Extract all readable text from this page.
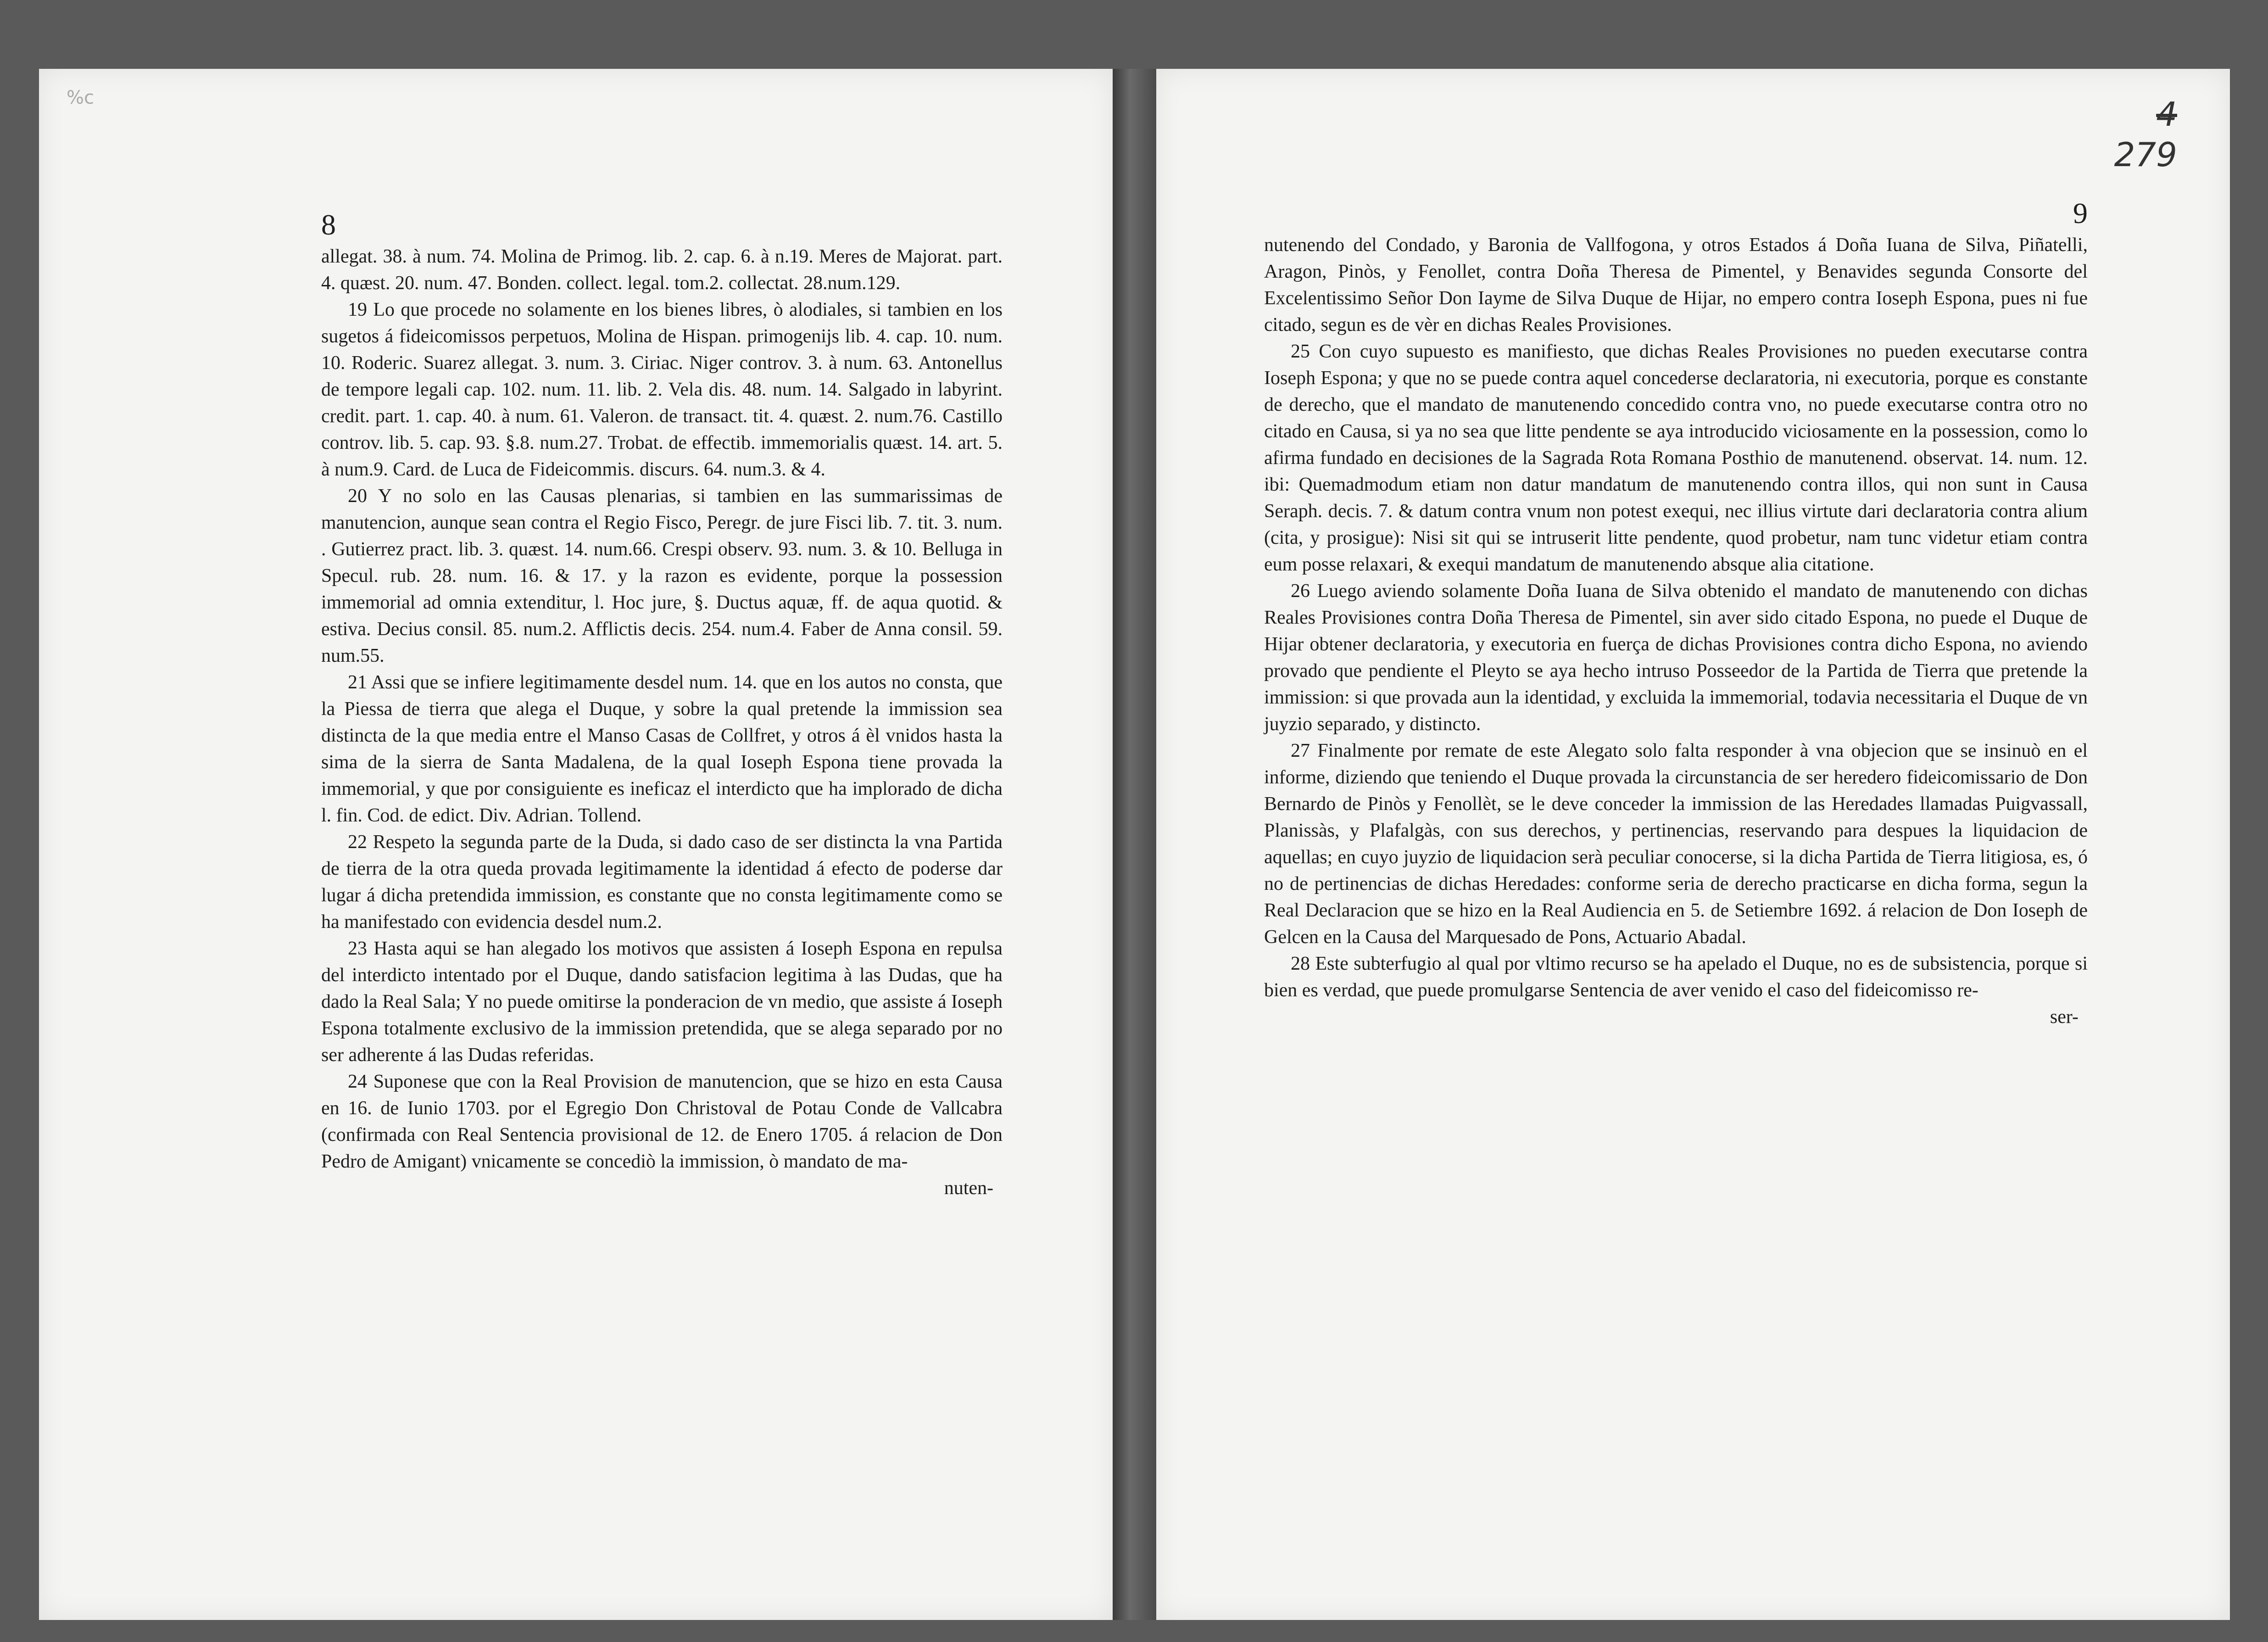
%c
8

allegat. 38. à num. 74. Molina de Primog. lib. 2. cap. 6. à n.19. Meres de Majorat. part. 4. quæst. 20. num. 47. Bonden. collect. legal. tom.2. collectat. 28.num.129.

19 Lo que procede no solamente en los bienes libres, ò alodiales, si tambien en los sugetos á fideicomissos perpetuos, Molina de Hispan. primogenijs lib. 4. cap. 10. num. 10. Roderic. Suarez allegat. 3. num. 3. Ciriac. Niger controv. 3. à num. 63. Antonellus de tempore legali cap. 102. num. 11. lib. 2. Vela dis. 48. num. 14. Salgado in labyrint. credit. part. 1. cap. 40. à num. 61. Valeron. de transact. tit. 4. quæst. 2. num.76. Castillo controv. lib. 5. cap. 93. §.8. num.27. Trobat. de effectib. immemorialis quæst. 14. art. 5. à num.9. Card. de Luca de Fideicommis. discurs. 64. num.3. & 4.

20 Y no solo en las Causas plenarias, si tambien en las summarissimas de manutencion, aunque sean contra el Regio Fisco, Peregr. de jure Fisci lib. 7. tit. 3. num. . Gutierrez pract. lib. 3. quæst. 14. num.66. Crespi observ. 93. num. 3. & 10. Belluga in Specul. rub. 28. num. 16. & 17. y la razon es evidente, porque la possession immemorial ad omnia extenditur, l. Hoc jure, §. Ductus aquæ, ff. de aqua quotid. & estiva. Decius consil. 85. num.2. Afflictis decis. 254. num.4. Faber de Anna consil. 59. num.55.

21 Assi que se infiere legitimamente desdel num. 14. que en los autos no consta, que la Piessa de tierra que alega el Duque, y sobre la qual pretende la immission sea distincta de la que media entre el Manso Casas de Collfret, y otros á èl vnidos hasta la sima de la sierra de Santa Madalena, de la qual Ioseph Espona tiene provada la immemorial, y que por consiguiente es ineficaz el interdicto que ha implorado de dicha l. fin. Cod. de edict. Div. Adrian. Tollend.

22 Respeto la segunda parte de la Duda, si dado caso de ser distincta la vna Partida de tierra de la otra queda provada legitimamente la identidad á efecto de poderse dar lugar á dicha pretendida immission, es constante que no consta legitimamente como se ha manifestado con evidencia desdel num.2.

23 Hasta aqui se han alegado los motivos que assisten á Ioseph Espona en repulsa del interdicto intentado por el Duque, dando satisfacion legitima à las Dudas, que ha dado la Real Sala; Y no puede omitirse la ponderacion de vn medio, que assiste á Ioseph Espona totalmente exclusivo de la immission pretendida, que se alega separado por no ser adherente á las Dudas referidas.

24 Suponese que con la Real Provision de manutencion, que se hizo en esta Causa en 16. de Iunio 1703. por el Egregio Don Christoval de Potau Conde de Vallcabra (confirmada con Real Sentencia provisional de 12. de Enero 1705. á relacion de Don Pedro de Amigant) vnicamente se concediò la immission, ò mandato de ma-

nuten-
4
279
9

nutenendo del Condado, y Baronia de Vallfogona, y otros Estados á Doña Iuana de Silva, Piñatelli, Aragon, Pinòs, y Fenollet, contra Doña Theresa de Pimentel, y Benavides segunda Consorte del Excelentissimo Señor Don Iayme de Silva Duque de Hijar, no empero contra Ioseph Espona, pues ni fue citado, segun es de vèr en dichas Reales Provisiones.

25 Con cuyo supuesto es manifiesto, que dichas Reales Provisiones no pueden executarse contra Ioseph Espona; y que no se puede contra aquel concederse declaratoria, ni executoria, porque es constante de derecho, que el mandato de manutenendo concedido contra vno, no puede executarse contra otro no citado en Causa, si ya no sea que litte pendente se aya introducido viciosamente en la possession, como lo afirma fundado en decisiones de la Sagrada Rota Romana Posthio de manutenend. observat. 14. num. 12. ibi: Quemadmodum etiam non datur mandatum de manutenendo contra illos, qui non sunt in Causa Seraph. decis. 7. & datum contra vnum non potest exequi, nec illius virtute dari declaratoria contra alium (cita, y prosigue): Nisi sit qui se intruserit litte pendente, quod probetur, nam tunc videtur etiam contra eum posse relaxari, & exequi mandatum de manutenendo absque alia citatione.

26 Luego aviendo solamente Doña Iuana de Silva obtenido el mandato de manutenendo con dichas Reales Provisiones contra Doña Theresa de Pimentel, sin aver sido citado Espona, no puede el Duque de Hijar obtener declaratoria, y executoria en fuerça de dichas Provisiones contra dicho Espona, no aviendo provado que pendiente el Pleyto se aya hecho intruso Posseedor de la Partida de Tierra que pretende la immission: si que provada aun la identidad, y excluida la immemorial, todavia necessitaria el Duque de vn juyzio separado, y distincto.

27 Finalmente por remate de este Alegato solo falta responder à vna objecion que se insinuò en el informe, diziendo que teniendo el Duque provada la circunstancia de ser heredero fideicomissario de Don Bernardo de Pinòs y Fenollèt, se le deve conceder la immission de las Heredades llamadas Puigvassall, Planissàs, y Plafalgàs, con sus derechos, y pertinencias, reservando para despues la liquidacion de aquellas; en cuyo juyzio de liquidacion serà peculiar conocerse, si la dicha Partida de Tierra litigiosa, es, ó no de pertinencias de dichas Heredades: conforme seria de derecho practicarse en dicha forma, segun la Real Declaracion que se hizo en la Real Audiencia en 5. de Setiembre 1692. á relacion de Don Ioseph de Gelcen en la Causa del Marquesado de Pons, Actuario Abadal.

28 Este subterfugio al qual por vltimo recurso se ha apelado el Duque, no es de subsistencia, porque si bien es verdad, que puede promulgarse Sentencia de aver venido el caso del fideicomisso re-

ser-
